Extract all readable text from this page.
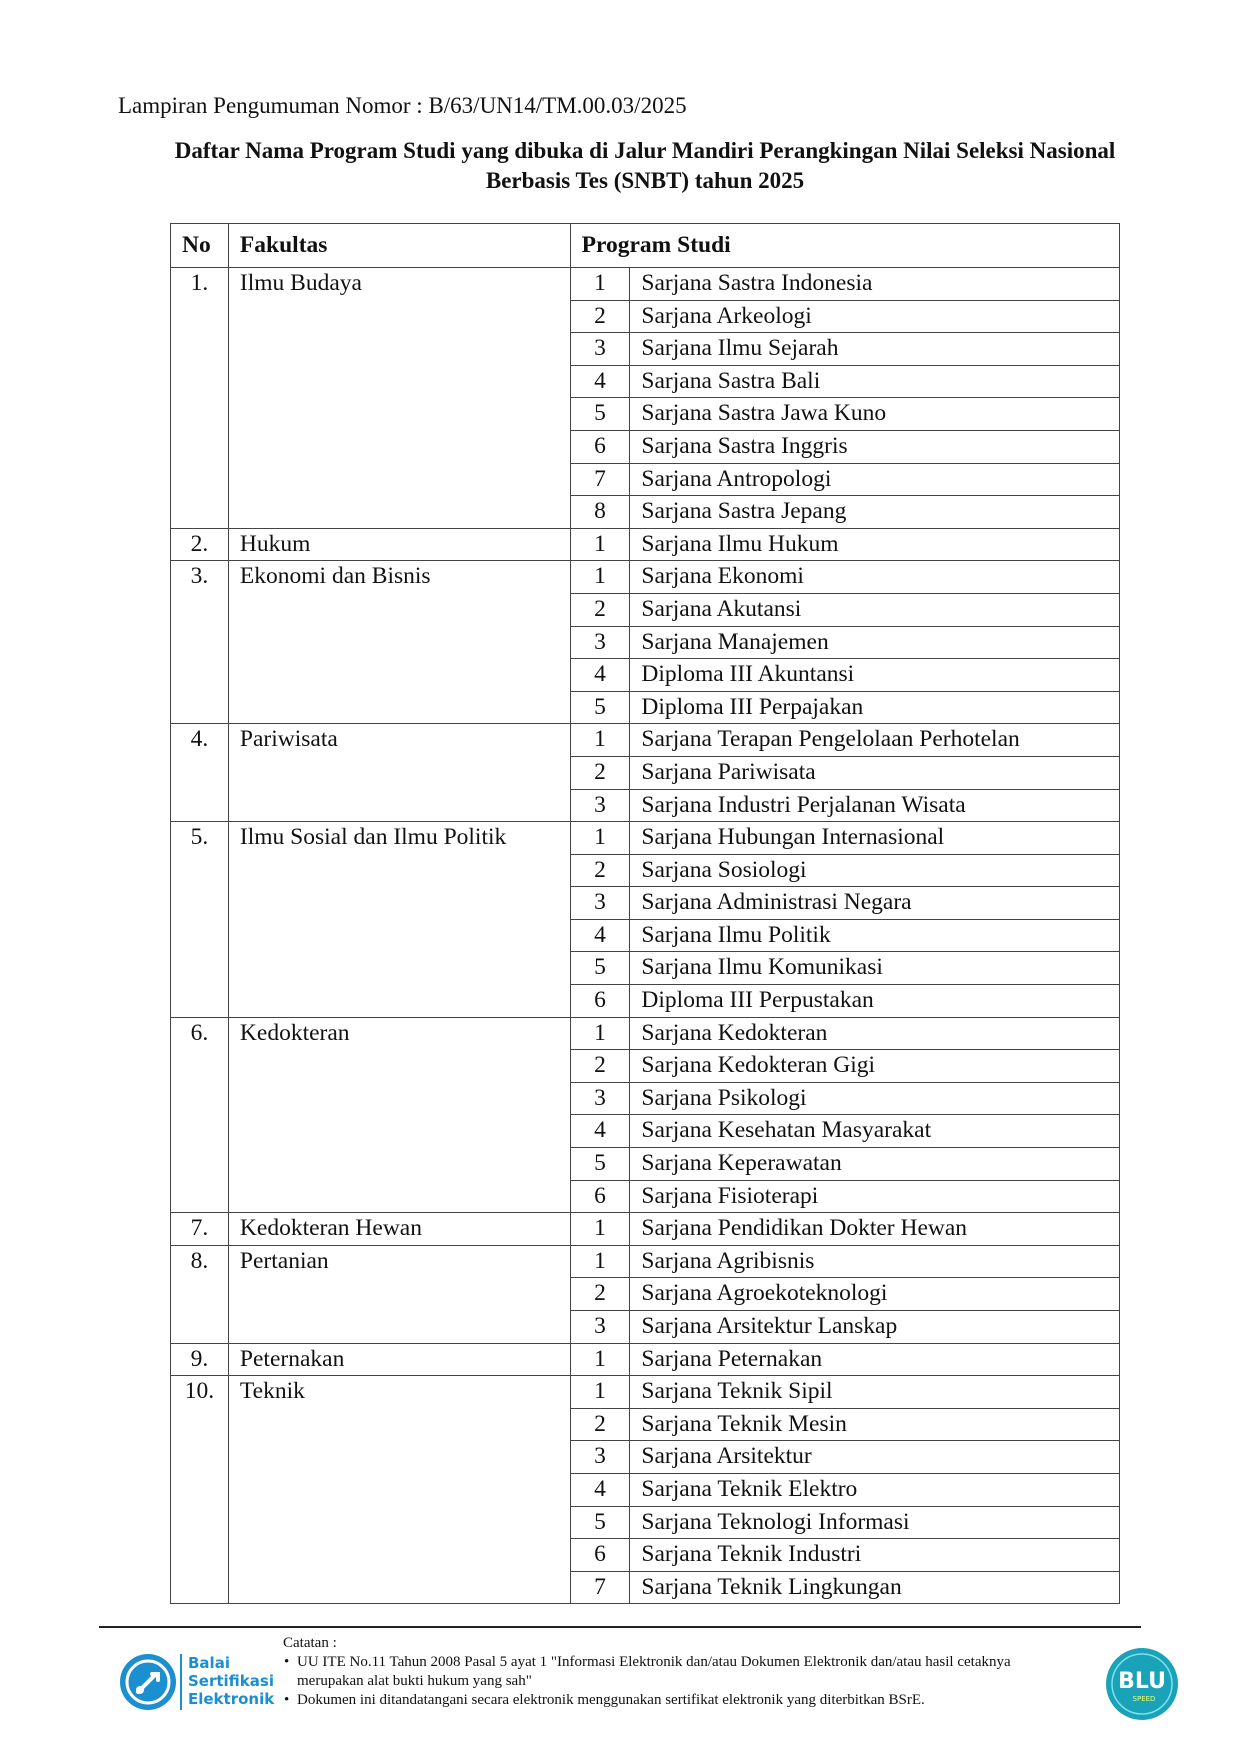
Lampiran Pengumuman Nomor : B/63/UN14/TM.00.03/2025
Daftar Nama Program Studi yang dibuka di Jalur Mandiri Perangkingan Nilai Seleksi Nasional
Berbasis Tes (SNBT) tahun 2025
No	Fakultas	Program Studi	
1.	Ilmu Budaya	1	Sarjana Sastra Indonesia
		2	Sarjana Arkeologi
		3	Sarjana Ilmu Sejarah
		4	Sarjana Sastra Bali
		5	Sarjana Sastra Jawa Kuno
		6	Sarjana Sastra Inggris
		7	Sarjana Antropologi
		8	Sarjana Sastra Jepang
2.	Hukum	1	Sarjana Ilmu Hukum
3.	Ekonomi dan Bisnis	1	Sarjana Ekonomi
		2	Sarjana Akutansi
		3	Sarjana Manajemen
		4	Diploma III Akuntansi
		5	Diploma III Perpajakan
4.	Pariwisata	1	Sarjana Terapan Pengelolaan Perhotelan
		2	Sarjana Pariwisata
		3	Sarjana Industri Perjalanan Wisata
5.	Ilmu Sosial dan Ilmu Politik	1	Sarjana Hubungan Internasional
		2	Sarjana Sosiologi
		3	Sarjana Administrasi Negara
		4	Sarjana Ilmu Politik
		5	Sarjana Ilmu Komunikasi
		6	Diploma III Perpustakan
6.	Kedokteran	1	Sarjana Kedokteran
		2	Sarjana Kedokteran Gigi
		3	Sarjana Psikologi
		4	Sarjana Kesehatan Masyarakat
		5	Sarjana Keperawatan
		6	Sarjana Fisioterapi
7.	Kedokteran Hewan	1	Sarjana Pendidikan Dokter Hewan
8.	Pertanian	1	Sarjana Agribisnis
		2	Sarjana Agroekoteknologi
		3	Sarjana Arsitektur Lanskap
9.	Peternakan	1	Sarjana Peternakan
10.	Teknik	1	Sarjana Teknik Sipil
		2	Sarjana Teknik Mesin
		3	Sarjana Arsitektur
		4	Sarjana Teknik Elektro
		5	Sarjana Teknologi Informasi
		6	Sarjana Teknik Industri
		7	Sarjana Teknik Lingkungan
Balai
Sertifikasi
Elektronik
Catatan :
• UU ITE No.11 Tahun 2008 Pasal 5 ayat 1 "Informasi Elektronik dan/atau Dokumen Elektronik dan/atau hasil cetaknya
merupakan alat bukti hukum yang sah"
• Dokumen ini ditandatangani secara elektronik menggunakan sertifikat elektronik yang diterbitkan BSrE.
BLU
SPEED
